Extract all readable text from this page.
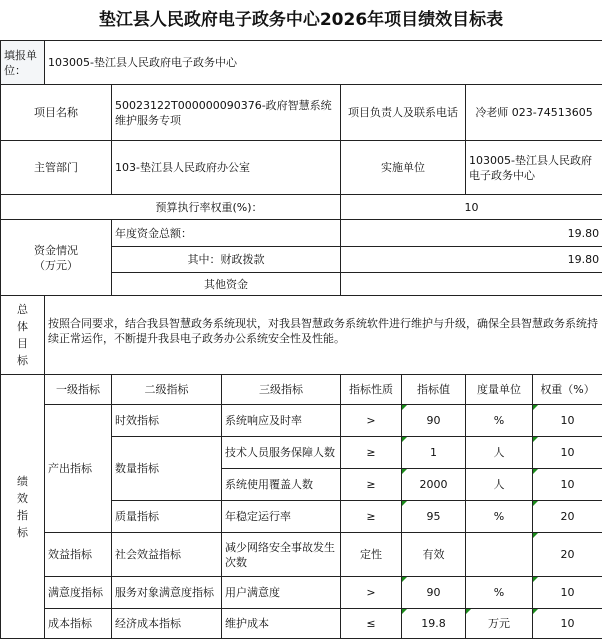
垫江县人民政府电子政务中心2026年项目绩效目标表
填报单位：	103005-垫江县人民政府电子政务中心						
项目名称		50023122T000000090376-政府智慧系统维护服务专项		项目负责人及联系电话		冷老师 023-74513605	
主管部门		103-垫江县人民政府办公室		实施单位		103005-垫江县人民政府电子政务中心	
预算执行率权重(%)：				10			
资金情况（万元）		年度资金总额：		19.80			
		其中：财政拨款		19.80			
		其他资金					
总体目标	按照合同要求，结合我县智慧政务系统现状，对我县智慧政务系统软件进行维护与升级，确保全县智慧政务系统持续正常运作，不断提升我县电子政务办公系统安全性及性能。						
绩效指标	一级指标	二级指标	三级指标	指标性质	指标值	度量单位	权重（%）
	产出指标	时效指标	系统响应及时率	>	90	%	10
		数量指标	技术人员服务保障人数	≥	1	人	10
			系统使用覆盖人数	≥	2000	人	10
		质量指标	年稳定运行率	≥	95	%	20
	效益指标	社会效益指标	减少网络安全事故发生次数	定性	有效		20
	满意度指标	服务对象满意度指标	用户满意度	>	90	%	10
	成本指标	经济成本指标	维护成本	≤	19.8	万元	10
